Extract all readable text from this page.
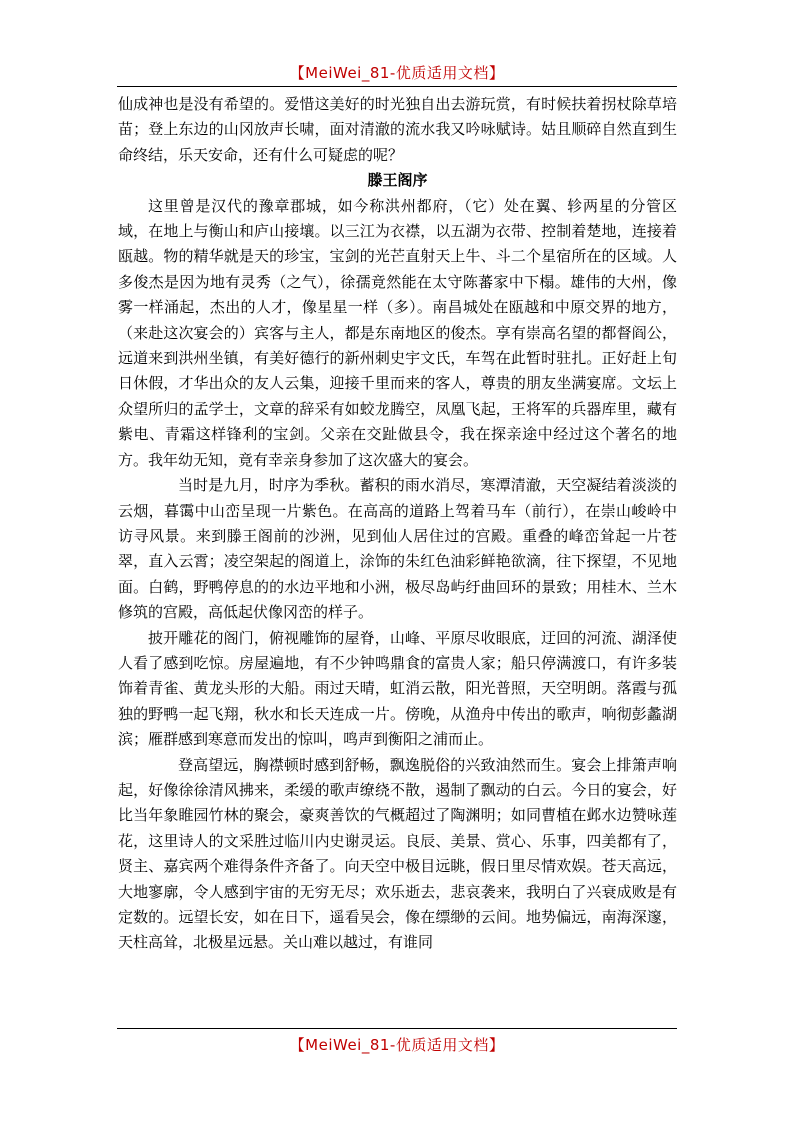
【MeiWei_81-优质适用文档】

仙成神也是没有希望的。爱惜这美好的时光独自出去游玩赏，有时候扶着拐杖除草培苗；登上东边的山冈放声长啸，面对清澈的流水我又吟咏赋诗。姑且顺碎自然直到生命终结，乐天安命，还有什么可疑虑的呢？

滕王阁序

这里曾是汉代的豫章郡城，如今称洪州都府，（它）处在翼、轸两星的分管区域，在地上与衡山和庐山接壤。以三江为衣襟，以五湖为衣带、控制着楚地，连接着瓯越。物的精华就是天的珍宝，宝剑的光芒直射天上牛、斗二个星宿所在的区域。人多俊杰是因为地有灵秀（之气），徐孺竟然能在太守陈蕃家中下榻。雄伟的大州，像雾一样涌起，杰出的人才，像星星一样（多）。南昌城处在瓯越和中原交界的地方，（来赴这次宴会的）宾客与主人，都是东南地区的俊杰。享有崇高名望的都督阎公，远道来到洪州坐镇，有美好德行的新州刺史宇文氏，车驾在此暂时驻扎。正好赶上旬日休假，才华出众的友人云集，迎接千里而来的客人，尊贵的朋友坐满宴席。文坛上众望所归的孟学士，文章的辞采有如蛟龙腾空，凤凰飞起，王将军的兵器库里，藏有紫电、青霜这样锋利的宝剑。父亲在交趾做县令，我在探亲途中经过这个著名的地方。我年幼无知，竟有幸亲身参加了这次盛大的宴会。

当时是九月，时序为季秋。蓄积的雨水消尽，寒潭清澈，天空凝结着淡淡的云烟，暮霭中山峦呈现一片紫色。在高高的道路上驾着马车（前行），在崇山峻岭中访寻风景。来到滕王阁前的沙洲，见到仙人居住过的宫殿。重叠的峰峦耸起一片苍翠，直入云霄；凌空架起的阁道上，涂饰的朱红色油彩鲜艳欲滴，往下探望，不见地面。白鹤，野鸭停息的的水边平地和小洲，极尽岛屿纡曲回环的景致；用桂木、兰木修筑的宫殿，高低起伏像冈峦的样子。

披开雕花的阁门，俯视雕饰的屋脊，山峰、平原尽收眼底，迂回的河流、湖泽使人看了感到吃惊。房屋遍地，有不少钟鸣鼎食的富贵人家；船只停满渡口，有许多装饰着青雀、黄龙头形的大船。雨过天晴，虹消云散，阳光普照，天空明朗。落霞与孤独的野鸭一起飞翔，秋水和长天连成一片。傍晚，从渔舟中传出的歌声，响彻彭蠡湖滨；雁群感到寒意而发出的惊叫，鸣声到衡阳之浦而止。

登高望远，胸襟顿时感到舒畅，飘逸脱俗的兴致油然而生。宴会上排箫声响起，好像徐徐清风拂来，柔缓的歌声缭绕不散，遏制了飘动的白云。今日的宴会，好比当年象睢园竹林的聚会，豪爽善饮的气概超过了陶渊明；如同曹植在邺水边赞咏莲花，这里诗人的文采胜过临川内史谢灵运。良辰、美景、赏心、乐事，四美都有了，贤主、嘉宾两个难得条件齐备了。向天空中极目远眺，假日里尽情欢娱。苍天高远，大地寥廓，令人感到宇宙的无穷无尽；欢乐逝去，悲哀袭来，我明白了兴衰成败是有定数的。远望长安，如在日下，遥看吴会，像在缥缈的云间。地势偏远，南海深邃，天柱高耸，北极星远悬。关山难以越过，有谁同

【MeiWei_81-优质适用文档】
